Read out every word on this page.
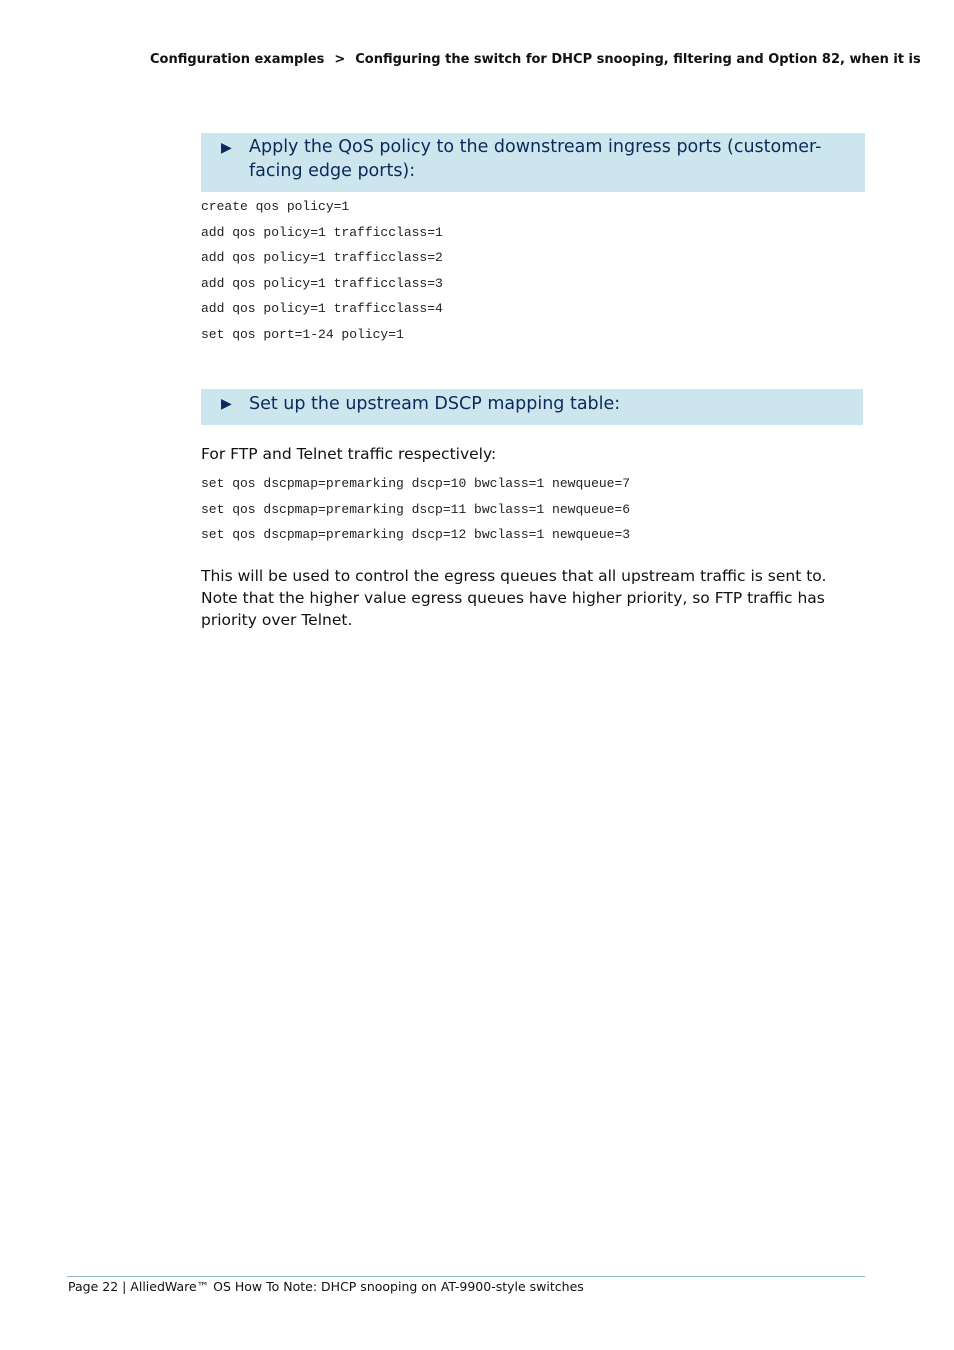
Configuration examples > Configuring the switch for DHCP snooping, filtering and Option 82, when it is
▶ Apply the QoS policy to the downstream ingress ports (customer-facing edge ports):
create qos policy=1
add qos policy=1 trafficclass=1
add qos policy=1 trafficclass=2
add qos policy=1 trafficclass=3
add qos policy=1 trafficclass=4
set qos port=1-24 policy=1
▶ Set up the upstream DSCP mapping table:

For FTP and Telnet traffic respectively:

set qos dscpmap=premarking dscp=10 bwclass=1 newqueue=7
set qos dscpmap=premarking dscp=11 bwclass=1 newqueue=6
set qos dscpmap=premarking dscp=12 bwclass=1 newqueue=3

This will be used to control the egress queues that all upstream traffic is sent to. Note that the higher value egress queues have higher priority, so FTP traffic has priority over Telnet.

Page 22 | AlliedWare™ OS How To Note: DHCP snooping on AT-9900-style switches
